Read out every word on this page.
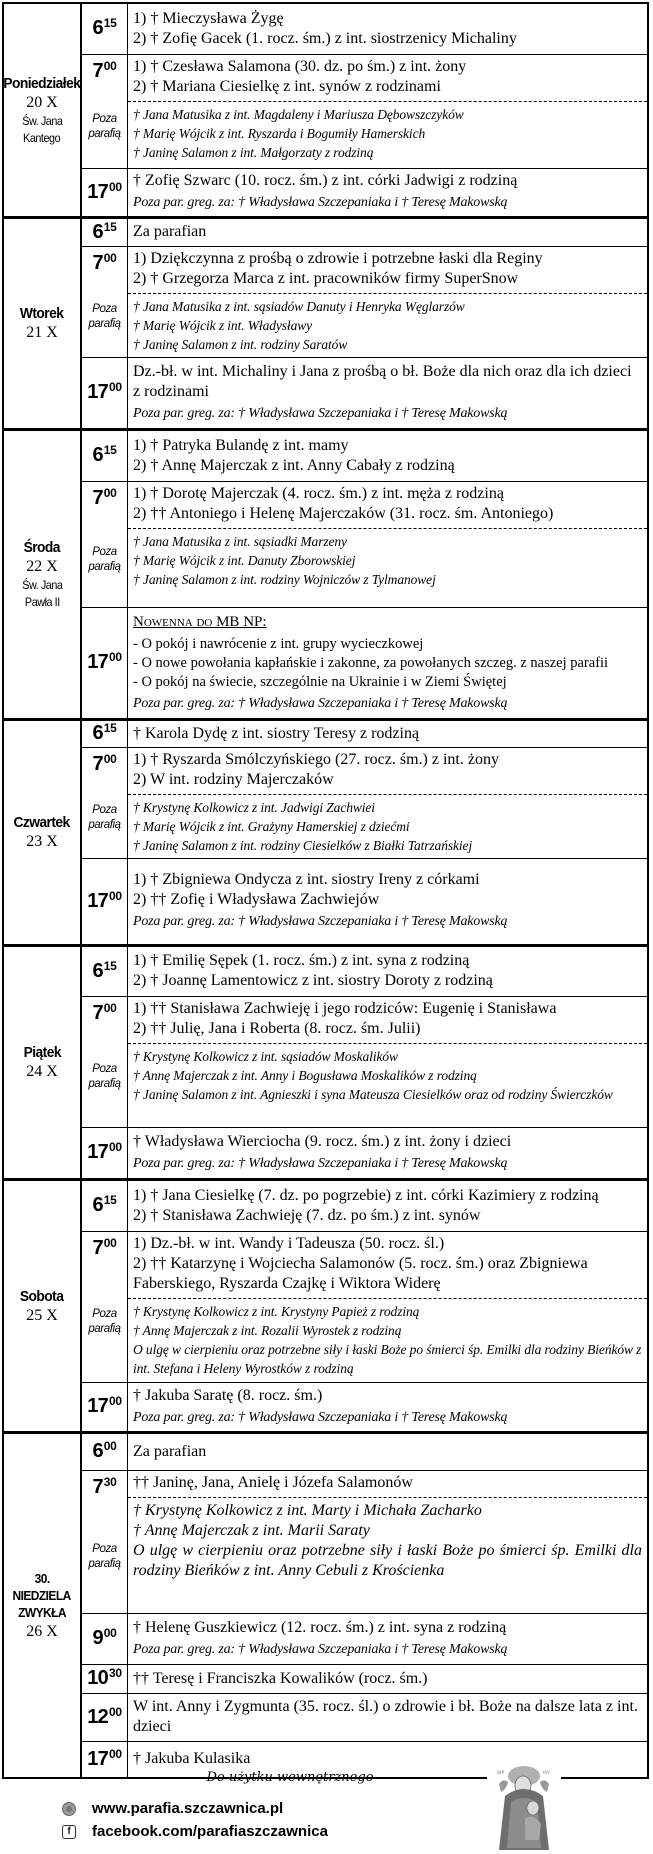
Poniedziałek
20 X
Św. Jana
Kantego
$6^{15}$ 1) † Mieczysława Żygę
2) † Zofię Gacek (1. rocz. śm.) z int. siostrzenicy Michaliny
$7^{00}$
Poza
parafią
1) † Czesława Salamona (30. dz. po śm.) z int. żony
2) † Mariana Ciesielkę z int. synów z rodzinami
† Jana Matusika z int. Magdaleny i Mariusza Dębowszczyków
† Marię Wójcik z int. Ryszarda i Bogumiły Hamerskich
† Janinę Salamon z int. Małgorzaty z rodziną
$17^{00}$ † Zofię Szwarc (10. rocz. śm.) z int. córki Jadwigi z rodziną
Poza par. greg. za: † Władysława Szczepaniaka i † Teresę Makowską
Wtorek
21 X
$6^{15}$ Za parafian
$7^{00}$
Poza
parafią
1) Dziękczynna z prośbą o zdrowie i potrzebne łaski dla Reginy
2) † Grzegorza Marca z int. pracowników firmy SuperSnow
† Jana Matusika z int. sąsiadów Danuty i Henryka Węglarzów
† Marię Wójcik z int. Władysławy
† Janinę Salamon z int. rodziny Saratów
$17^{00}$
Dz.-bł. w int. Michaliny i Jana z prośbą o bł. Boże dla nich oraz dla ich dzieci z rodzinami
Poza par. greg. za: † Władysława Szczepaniaka i † Teresę Makowską
Środa
22 X
Św. Jana
Pawła II
$6^{15}$ 1) † Patryka Bulandę z int. mamy
2) † Annę Majerczak z int. Anny Cabały z rodziną
$7^{00}$
Poza
parafią
1) † Dorotę Majerczak (4. rocz. śm.) z int. męża z rodziną
2) †† Antoniego i Helenę Majerczaków (31. rocz. śm. Antoniego)
† Jana Matusika z int. sąsiadki Marzeny
† Marię Wójcik z int. Danuty Zborowskiej
† Janinę Salamon z int. rodziny Wojniczów z Tylmanowej
$17^{00}$
Nowenna do MB NP:
- O pokój i nawrócenie z int. grupy wycieczkowej
- O nowe powołania kapłańskie i zakonne, za powołanych szczeg. z naszej parafii
- O pokój na świecie, szczególnie na Ukrainie i w Ziemi Świętej
Poza par. greg. za: † Władysława Szczepaniaka i † Teresę Makowską
Czwartek
23 X
$6^{15}$ † Karola Dydę z int. siostry Teresy z rodziną
$7^{00}$
Poza
parafią
1) † Ryszarda Smólczyńskiego (27. rocz. śm.) z int. żony
2) W int. rodziny Majerczaków
† Krystynę Kolkowicz z int. Jadwigi Zachwiei
† Marię Wójcik z int. Grażyny Hamerskiej z dziećmi
† Janinę Salamon z int. rodziny Ciesielków z Białki Tatrzańskiej
$17^{00}$
1) † Zbigniewa Ondycza z int. siostry Ireny z córkami
2) †† Zofię i Władysława Zachwiejów
Poza par. greg. za: † Władysława Szczepaniaka i † Teresę Makowską
Piątek
24 X
$6^{15}$ 1) † Emilię Sępek (1. rocz. śm.) z int. syna z rodziną
2) † Joannę Lamentowicz z int. siostry Doroty z rodziną
$7^{00}$
Poza
parafią
1) †† Stanisława Zachwieję i jego rodziców: Eugenię i Stanisława
2) †† Julię, Jana i Roberta (8. rocz. śm. Julii)
† Krystynę Kolkowicz z int. sąsiadów Moskalików
† Annę Majerczak z int. Anny i Bogusława Moskalików z rodziną
† Janinę Salamon z int. Agnieszki i syna Mateusza Ciesielków oraz od rodziny Świerczków
$17^{00}$ † Władysława Wierciocha (9. rocz. śm.) z int. żony i dzieci
Poza par. greg. za: † Władysława Szczepaniaka i † Teresę Makowską
Sobota
25 X
$6^{15}$ 1) † Jana Ciesielkę (7. dz. po pogrzebie) z int. córki Kazimiery z rodziną
2) † Stanisława Zachwieję (7. dz. po śm.) z int. synów
$7^{00}$
Poza
parafią
1) Dz.-bł. w int. Wandy i Tadeusza (50. rocz. śl.)
2) †† Katarzynę i Wojciecha Salamonów (5. rocz. śm.) oraz Zbigniewa Faberskiego, Ryszarda Czajkę i Wiktora Widerę
† Krystynę Kolkowicz z int. Krystyny Papież z rodziną
† Annę Majerczak z int. Rozalii Wyrostek z rodziną
O ulgę w cierpieniu oraz potrzebne siły i łaski Boże po śmierci śp. Emilki dla rodziny Bieńków z int. Stefana i Heleny Wyrostków z rodziną
$17^{00}$ † Jakuba Saratę (8. rocz. śm.)
Poza par. greg. za: † Władysława Szczepaniaka i † Teresę Makowską
30.
NIEDZIELA
ZWYKŁA
26 X
$6^{00}$ Za parafian
$7^{30}$
Poza
parafią
†† Janinę, Jana, Anielę i Józefa Salamonów
† Krystynę Kolkowicz z int. Marty i Michała Zacharko
† Annę Majerczak z int. Marii Saraty
O ulgę w cierpieniu oraz potrzebne siły i łaski Boże po śmierci śp. Emilki dla rodziny Bieńków z int. Anny Cebuli z Krościenka
$9^{00}$ † Helenę Guszkiewicz (12. rocz. śm.) z int. syna z rodziną
Poza par. greg. za: † Władysława Szczepaniaka i † Teresę Makowską
$10^{30}$ †† Teresę i Franciszka Kowalików (rocz. śm.)
$12^{00}$ W int. Anny i Zygmunta (35. rocz. śl.) o zdrowie i bł. Boże na dalsze lata z int. dzieci
$17^{00}$ † Jakuba Kulasika
Do użytku wewnętrznego
www.parafia.szczawnica.pl
f	facebook.com/parafiaszczawnica
MP	ΘY
